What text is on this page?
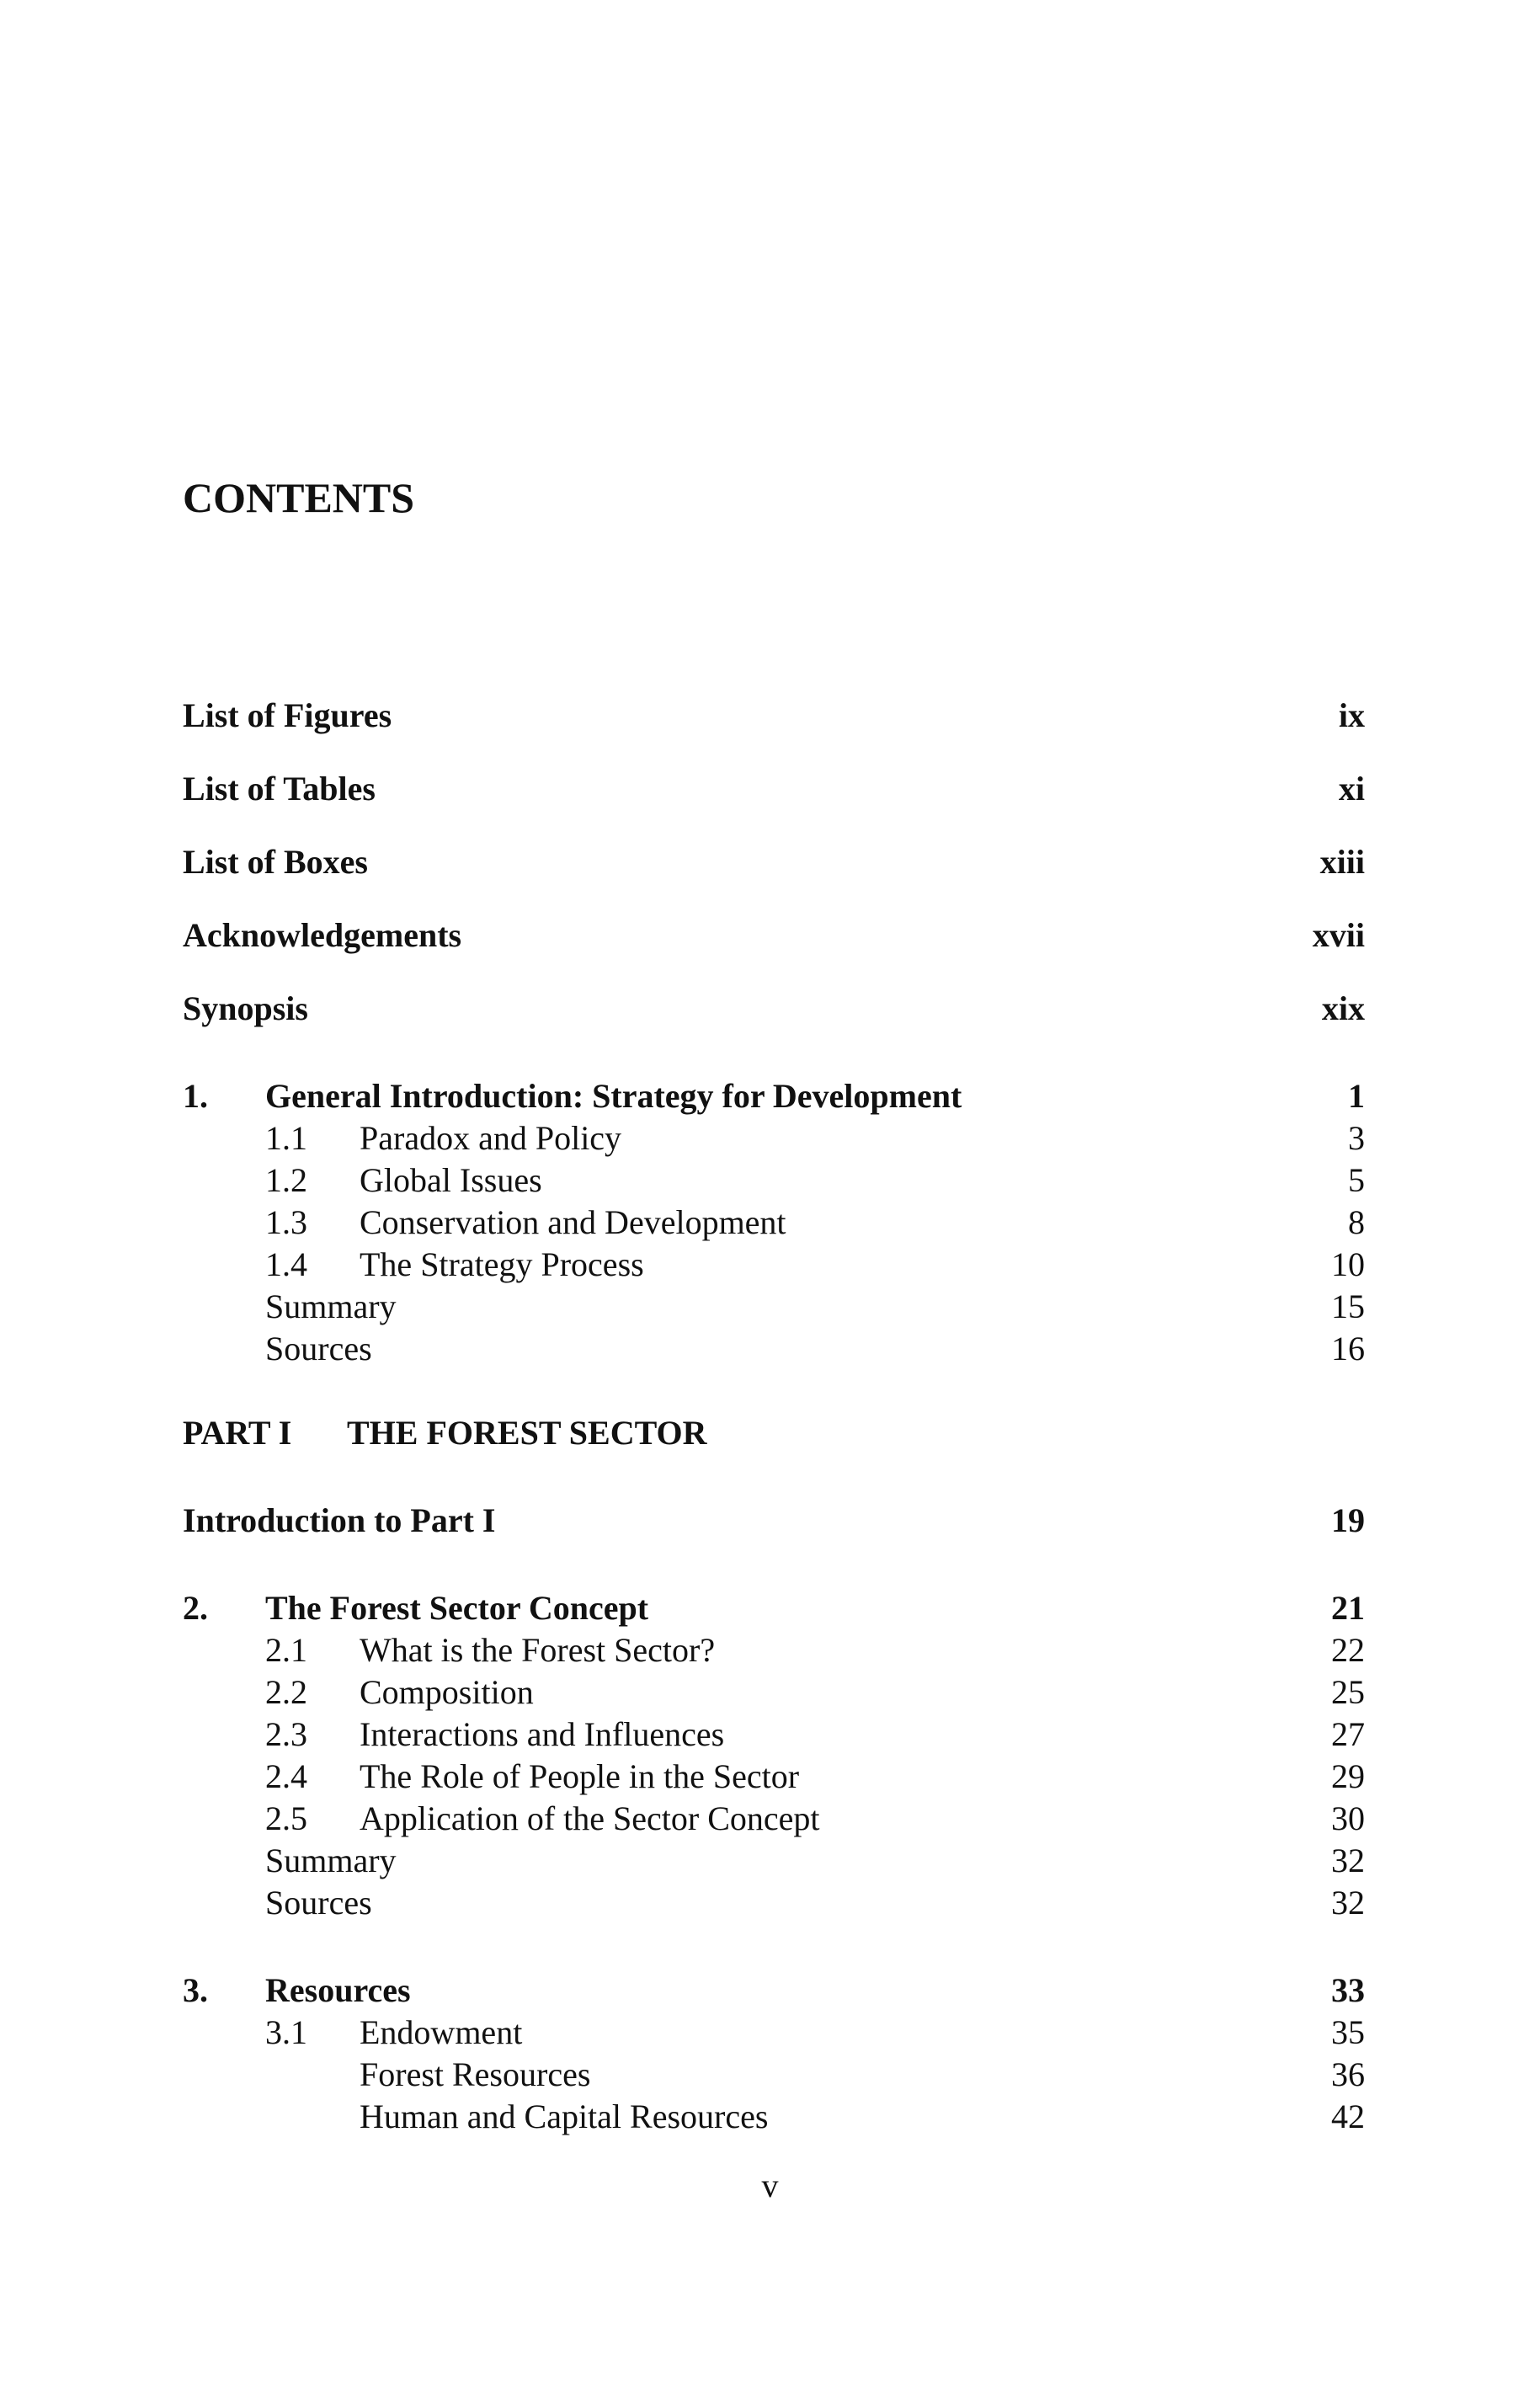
CONTENTS
List of Figures	ix
List of Tables	xi
List of Boxes	xiii
Acknowledgements	xvii
Synopsis	xix
1. General Introduction: Strategy for Development	1
1.1 Paradox and Policy	3
1.2 Global Issues	5
1.3 Conservation and Development	8
1.4 The Strategy Process	10
Summary	15
Sources	16
PART I THE FOREST SECTOR
Introduction to Part I	19
2. The Forest Sector Concept	21
2.1 What is the Forest Sector?	22
2.2 Composition	25
2.3 Interactions and Influences	27
2.4 The Role of People in the Sector	29
2.5 Application of the Sector Concept	30
Summary	32
Sources	32
3. Resources	33
3.1 Endowment	35
Forest Resources	36
Human and Capital Resources	42
v
